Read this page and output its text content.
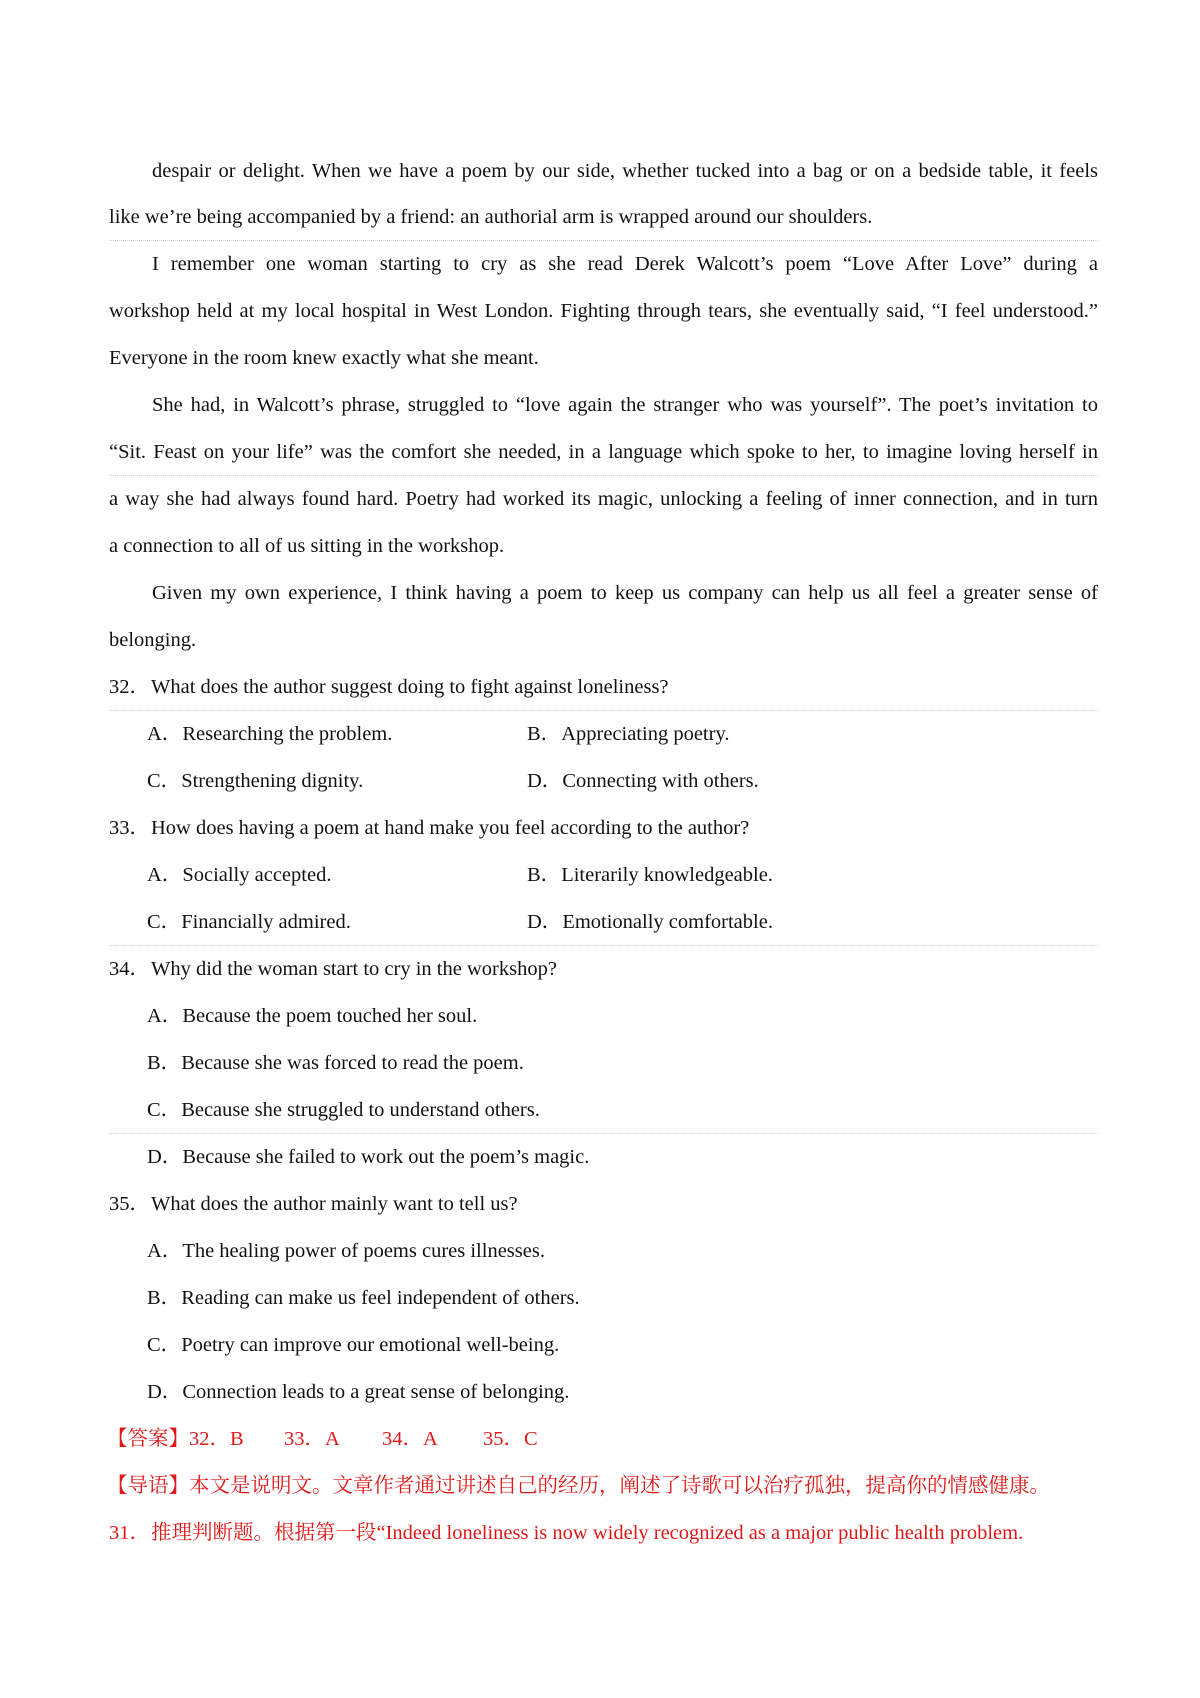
despair or delight. When we have a poem by our side, whether tucked into a bag or on a bedside table, it feels
like we’re being accompanied by a friend: an authorial arm is wrapped around our shoulders.
I remember one woman starting to cry as she read Derek Walcott’s poem “Love After Love” during a
workshop held at my local hospital in West London. Fighting through tears, she eventually said, “I feel understood.”
Everyone in the room knew exactly what she meant.
She had, in Walcott’s phrase, struggled to “love again the stranger who was yourself”. The poet’s invitation to
“Sit. Feast on your life” was the comfort she needed, in a language which spoke to her, to imagine loving herself in
a way she had always found hard. Poetry had worked its magic, unlocking a feeling of inner connection, and in turn
a connection to all of us sitting in the workshop.
Given my own experience, I think having a poem to keep us company can help us all feel a greater sense of
belonging.
32．What does the author suggest doing to fight against loneliness?
A．Researching the problem.	B．Appreciating poetry.
C．Strengthening dignity.	D．Connecting with others.
33．How does having a poem at hand make you feel according to the author?
A．Socially accepted.	B．Literarily knowledgeable.
C．Financially admired.	D．Emotionally comfortable.
34．Why did the woman start to cry in the workshop?
A．Because the poem touched her soul.
B．Because she was forced to read the poem.
C．Because she struggled to understand others.
D．Because she failed to work out the poem’s magic.
35．What does the author mainly want to tell us?
A．The healing power of poems cures illnesses.
B．Reading can make us feel independent of others.
C．Poetry can improve our emotional well-being.
D．Connection leads to a great sense of belonging.
【答案】32．B 33．A 34．A 35．C
【导语】本文是说明文。文章作者通过讲述自己的经历，阐述了诗歌可以治疗孤独，提高你的情感健康。
31．推理判断题。根据第一段“Indeed loneliness is now widely recognized as a major public health problem.
